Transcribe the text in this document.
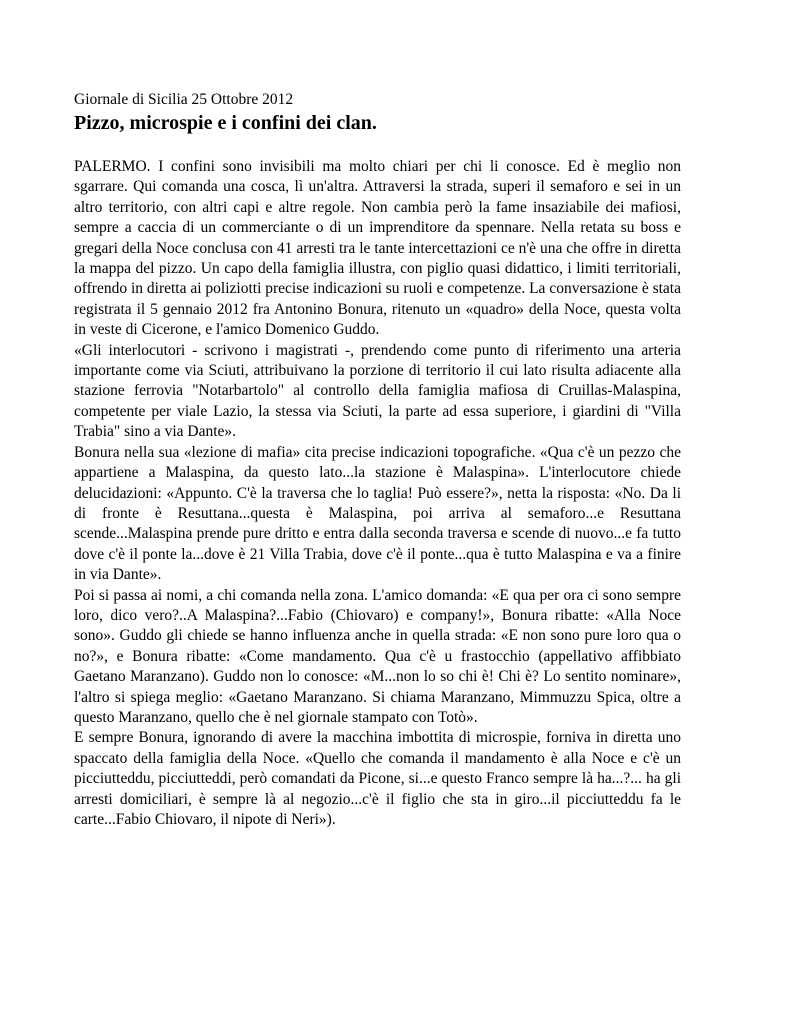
Giornale di Sicilia 25 Ottobre 2012

Pizzo, microspie e i confini dei clan.

PALERMO. I confini sono invisibili ma molto chiari per chi li conosce. Ed è meglio non sgarrare. Qui comanda una cosca, lì un'altra. Attraversi la strada, superi il semaforo e sei in un altro territorio, con altri capi e altre regole. Non cambia però la fame insaziabile dei mafiosi, sempre a caccia di un commerciante o di un imprenditore da spennare. Nella retata su boss e gregari della Noce conclusa con 41 arresti tra le tante intercettazioni ce n'è una che offre in diretta la mappa del pizzo. Un capo della famiglia illustra, con piglio quasi didattico, i limiti territoriali, offrendo in diretta ai poliziotti precise indicazioni su ruoli e competenze. La conversazione è stata registrata il 5 gennaio 2012 fra Antonino Bonura, ritenuto un «quadro» della Noce, questa volta in veste di Cicerone, e l'amico Domenico Guddo.

«Gli interlocutori - scrivono i magistrati -, prendendo come punto di riferimento una arteria importante come via Sciuti, attribuivano la porzione di territorio il cui lato risulta adiacente alla stazione ferrovia "Notarbartolo" al controllo della famiglia mafiosa di Cruillas-Malaspina, competente per viale Lazio, la stessa via Sciuti, la parte ad essa superiore, i giardini di "Villa Trabia" sino a via Dante».

Bonura nella sua «lezione di mafia» cita precise indicazioni topografiche. «Qua c'è un pezzo che appartiene a Malaspina, da questo lato...la stazione è Malaspina». L'interlocutore chiede delucidazioni: «Appunto. C'è la traversa che lo taglia! Può essere?», netta la risposta: «No. Da li di fronte è Resuttana...questa è Malaspina, poi arriva al semaforo...e Resuttana scende...Malaspina prende pure dritto e entra dalla seconda traversa e scende di nuovo...e fa tutto dove c'è il ponte la...dove è 21 Villa Trabia, dove c'è il ponte...qua è tutto Malaspina e va a finire in via Dante».

Poi si passa ai nomi, a chi comanda nella zona. L'amico domanda: «E qua per ora ci sono sempre loro, dico vero?..A Malaspina?...Fabio (Chiovaro) e company!», Bonura ribatte: «Alla Noce sono». Guddo gli chiede se hanno influenza anche in quella strada: «E non sono pure loro qua o no?», e Bonura ribatte: «Come mandamento. Qua c'è u frastocchio (appellativo affibbiato Gaetano Maranzano). Guddo non lo conosce: «M...non lo so chi è! Chi è? Lo sentito nominare», l'altro si spiega meglio: «Gaetano Maranzano. Si chiama Maranzano, Mimmuzzu Spica, oltre a questo Maranzano, quello che è nel giornale stampato con Totò».

E sempre Bonura, ignorando di avere la macchina imbottita di microspie, forniva in diretta uno spaccato della famiglia della Noce. «Quello che comanda il mandamento è alla Noce e c'è un picciutteddu, picciutteddi, però comandati da Picone, si...e questo Franco sempre là ha...?... ha gli arresti domiciliari, è sempre là al negozio...c'è il figlio che sta in giro...il picciutteddu fa le carte...Fabio Chiovaro, il nipote di Neri»).
